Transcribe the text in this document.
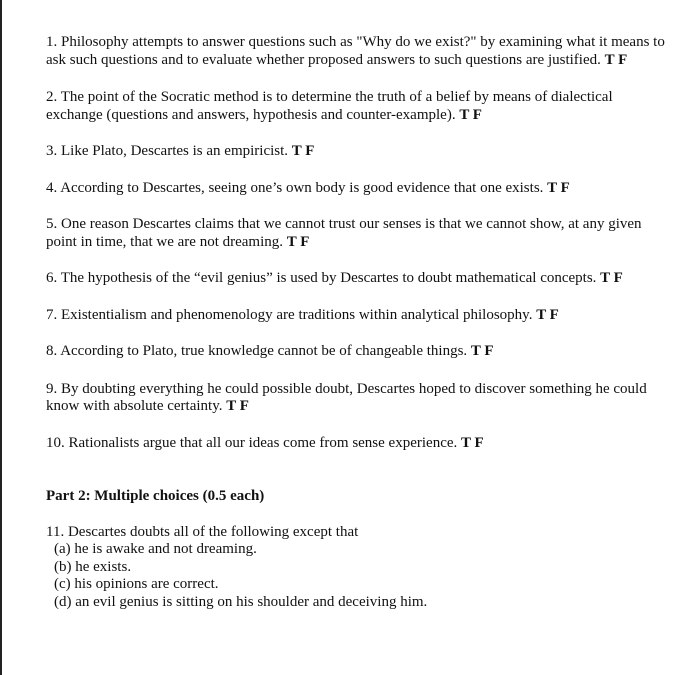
1. Philosophy attempts to answer questions such as "Why do we exist?" by examining what it means to ask such questions and to evaluate whether proposed answers to such questions are justified. T F

2. The point of the Socratic method is to determine the truth of a belief by means of dialectical exchange (questions and answers, hypothesis and counter-example). T F

3. Like Plato, Descartes is an empiricist. T F

4. According to Descartes, seeing one’s own body is good evidence that one exists. T F

5. One reason Descartes claims that we cannot trust our senses is that we cannot show, at any given point in time, that we are not dreaming. T F

6. The hypothesis of the “evil genius” is used by Descartes to doubt mathematical concepts. T F

7. Existentialism and phenomenology are traditions within analytical philosophy. T F

8. According to Plato, true knowledge cannot be of changeable things. T F

9. By doubting everything he could possible doubt, Descartes hoped to discover something he could know with absolute certainty. T F

10. Rationalists argue that all our ideas come from sense experience. T F

Part 2: Multiple choices (0.5 each)

11. Descartes doubts all of the following except that
(a) he is awake and not dreaming.
(b) he exists.
(c) his opinions are correct.
(d) an evil genius is sitting on his shoulder and deceiving him.
